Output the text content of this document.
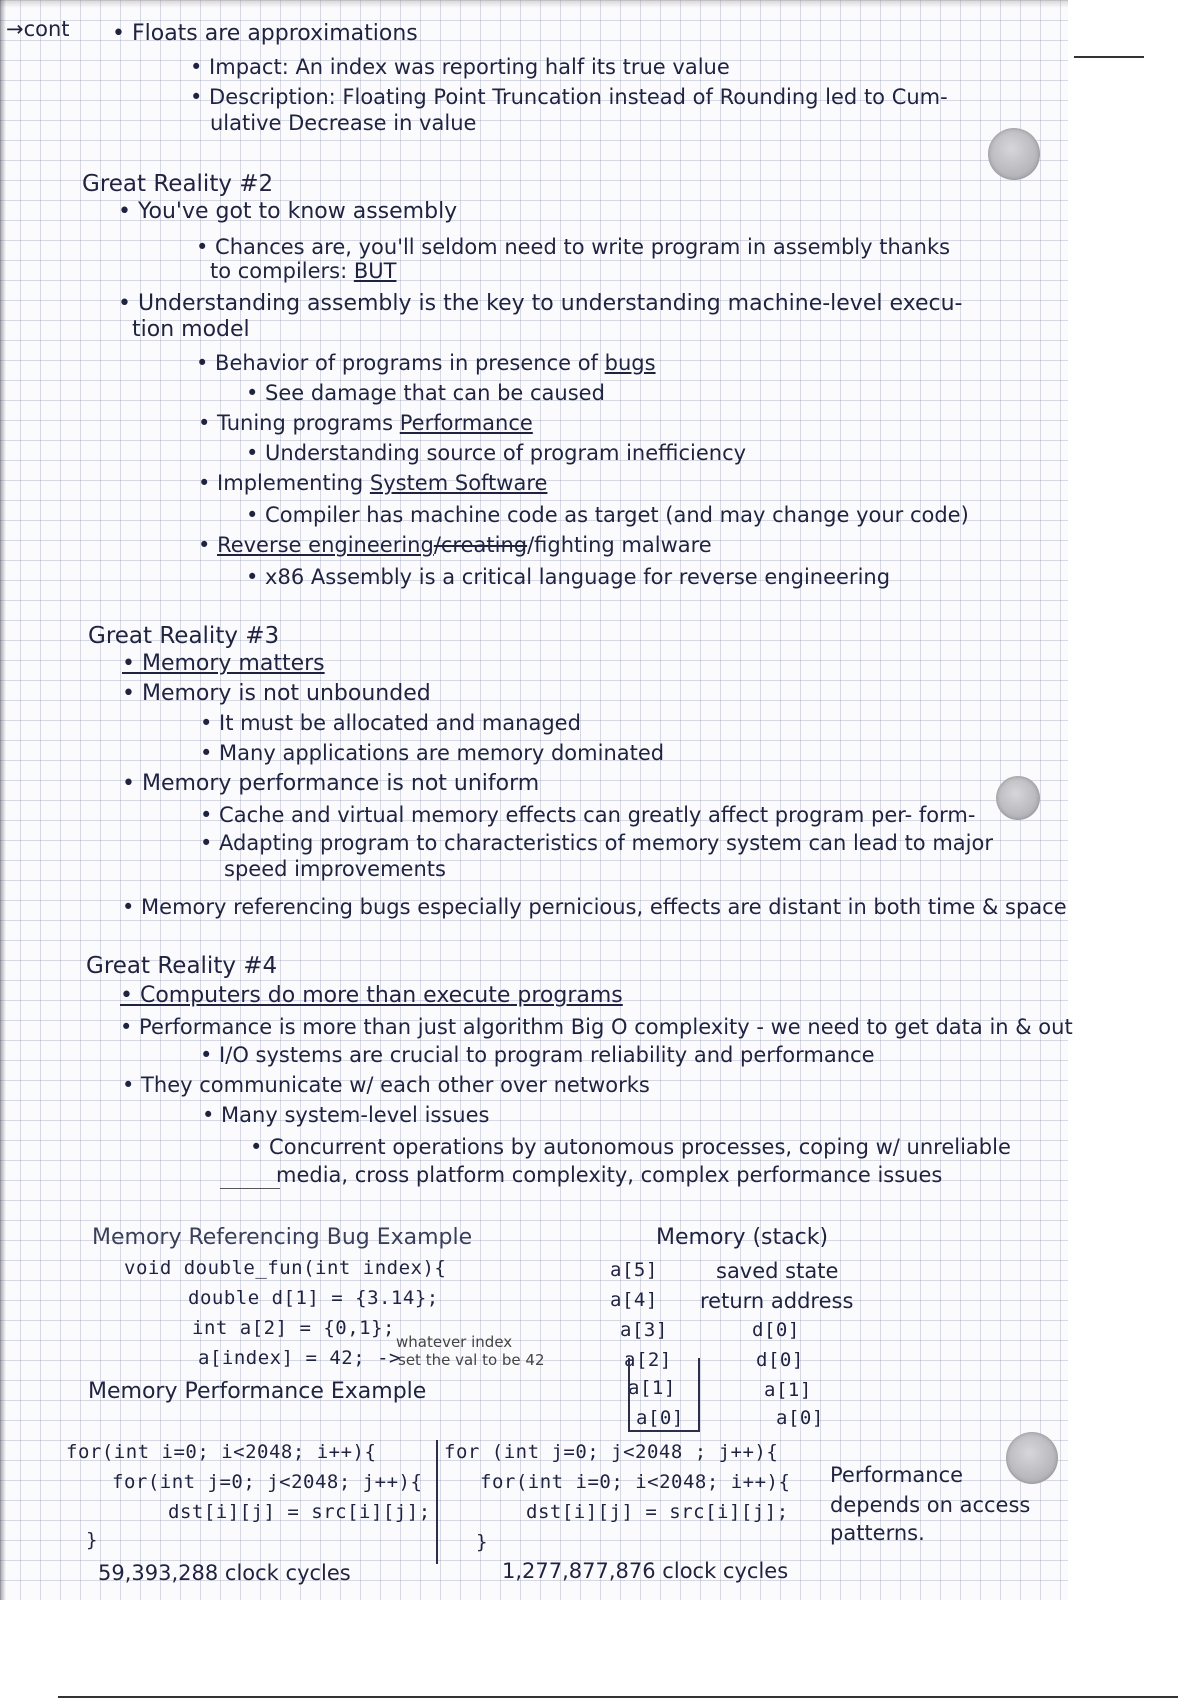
→cont • Floats are approximations
• Impact: An index was reporting half its true value
• Description: Floating Point Truncation instead of Rounding led to Cum-
ulative Decrease in value
Great Reality #2
• You've got to know assembly
• Chances are, you'll seldom need to write program in assembly thanks
to compilers: BUT
• Understanding assembly is the key to understanding machine-level execu-
tion model
• Behavior of programs in presence of bugs
• See damage that can be caused
• Tuning programs Performance
• Understanding source of program inefficiency
• Implementing System Software
• Compiler has machine code as target (and may change your code)
• Reverse engineering/creating/fighting malware
• x86 Assembly is a critical language for reverse engineering
Great Reality #3
• Memory matters
• Memory is not unbounded
• It must be allocated and managed
• Many applications are memory dominated
• Memory performance is not uniform
• Cache and virtual memory effects can greatly affect program per- form-
• Adapting program to characteristics of memory system can lead to major
speed improvements
• Memory referencing bugs especially pernicious, effects are distant in both time & space
Great Reality #4
• Computers do more than execute programs
• Performance is more than just algorithm Big O complexity - we need to get data in & out
• I/O systems are crucial to program reliability and performance
• They communicate w/ each other over networks
• Many system-level issues
• Concurrent operations by autonomous processes, coping w/ unreliable
media, cross platform complexity, complex performance issues
Memory Referencing Bug Example
void double_fun(int index){
double d[1] = {3.14};
int a[2] = {0,1};
a[index] = 42; ->
whatever index
set the val to be 42
Memory (stack)
a[5]
a[4]
a[3]
a[2]
a[1]
a[0]
saved state
return address
d[0]
d[0]
a[1]
a[0]
Memory Performance Example
for(int i=0; i<2048; i++){
for(int j=0; j<2048; j++){
dst[i][j] = src[i][j];
}
59,393,288 clock cycles
for (int j=0; j<2048 ; j++){
for(int i=0; i<2048; i++){
dst[i][j] = src[i][j];
}
1,277,877,876 clock cycles
Performance
depends on access
patterns.
